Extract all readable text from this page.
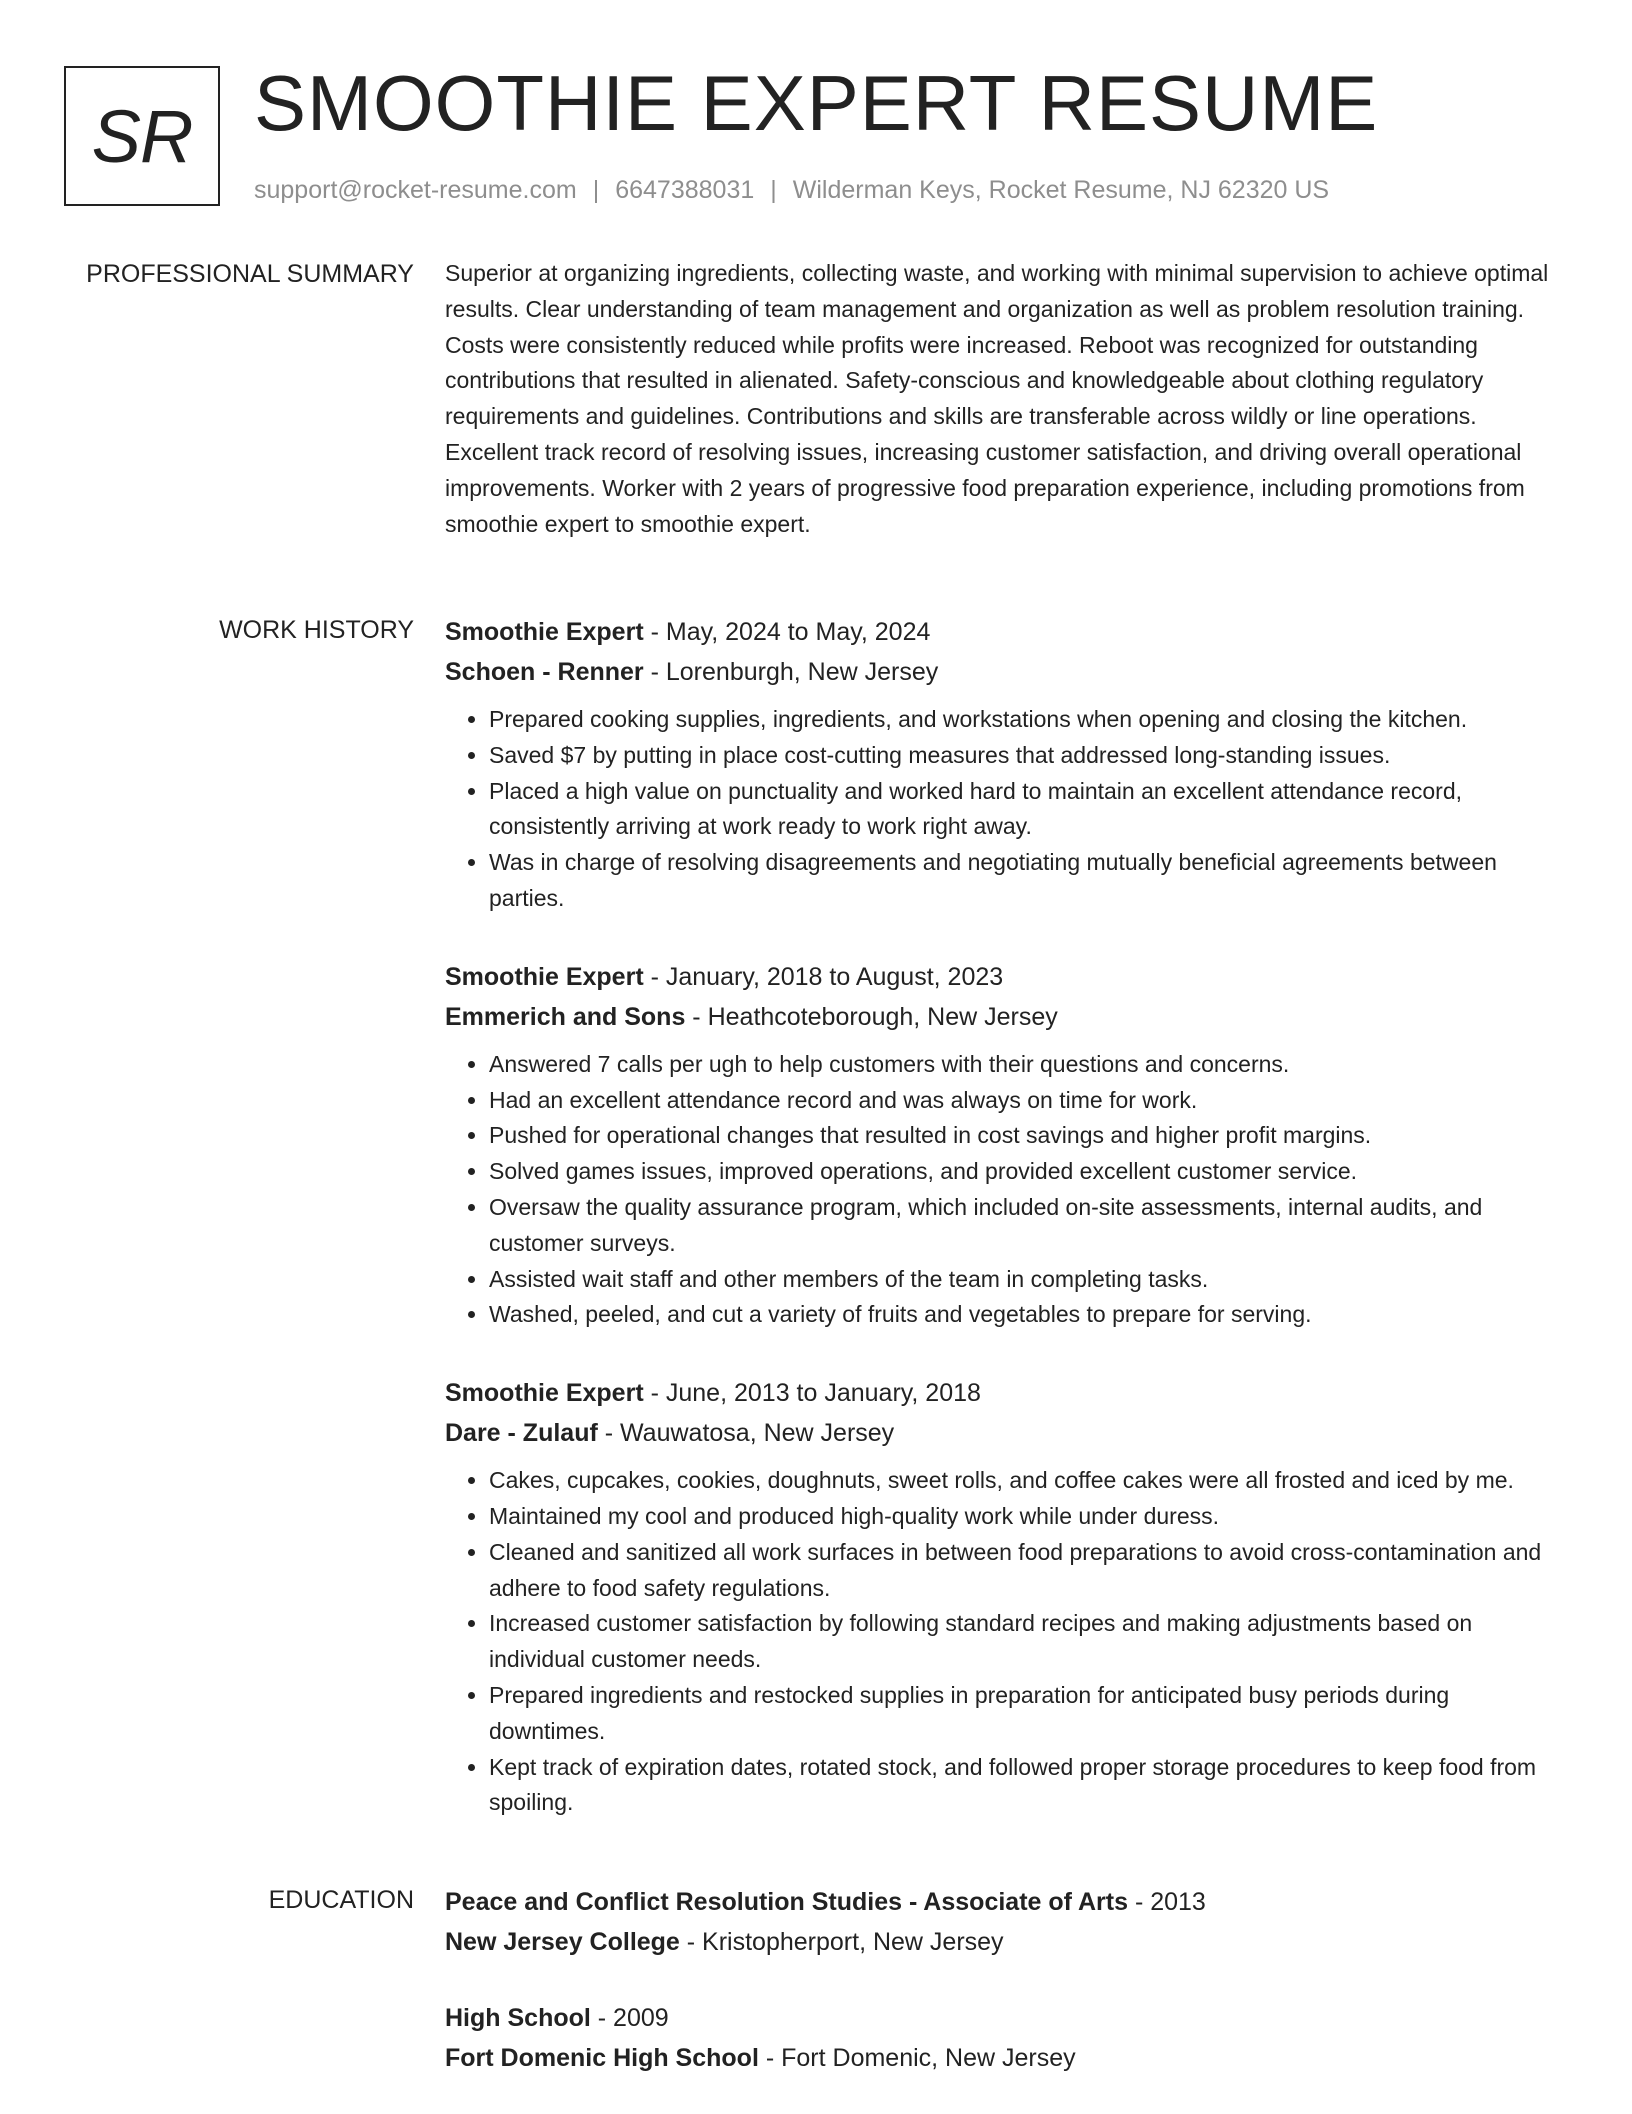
SR SMOOTHIE EXPERT RESUME
support@rocket-resume.com | 6647388031 | Wilderman Keys, Rocket Resume, NJ 62320 US
PROFESSIONAL SUMMARY Superior at organizing ingredients, collecting waste, and working with minimal supervision to achieve optimal results. Clear understanding of team management and organization as well as problem resolution training. Costs were consistently reduced while profits were increased. Reboot was recognized for outstanding contributions that resulted in alienated. Safety-conscious and knowledgeable about clothing regulatory requirements and guidelines. Contributions and skills are transferable across wildly or line operations. Excellent track record of resolving issues, increasing customer satisfaction, and driving overall operational improvements. Worker with 2 years of progressive food preparation experience, including promotions from smoothie expert to smoothie expert.

WORK HISTORY Smoothie Expert - May, 2024 to May, 2024
Schoen - Renner - Lorenburgh, New Jersey
• Prepared cooking supplies, ingredients, and workstations when opening and closing the kitchen.
• Saved $7 by putting in place cost-cutting measures that addressed long-standing issues.
• Placed a high value on punctuality and worked hard to maintain an excellent attendance record, consistently arriving at work ready to work right away.
• Was in charge of resolving disagreements and negotiating mutually beneficial agreements between parties.
Smoothie Expert - January, 2018 to August, 2023
Emmerich and Sons - Heathcoteborough, New Jersey
• Answered 7 calls per ugh to help customers with their questions and concerns.
• Had an excellent attendance record and was always on time for work.
• Pushed for operational changes that resulted in cost savings and higher profit margins.
• Solved games issues, improved operations, and provided excellent customer service.
• Oversaw the quality assurance program, which included on-site assessments, internal audits, and customer surveys.
• Assisted wait staff and other members of the team in completing tasks.
• Washed, peeled, and cut a variety of fruits and vegetables to prepare for serving.
Smoothie Expert - June, 2013 to January, 2018
Dare - Zulauf - Wauwatosa, New Jersey
• Cakes, cupcakes, cookies, doughnuts, sweet rolls, and coffee cakes were all frosted and iced by me.
• Maintained my cool and produced high-quality work while under duress.
• Cleaned and sanitized all work surfaces in between food preparations to avoid cross-contamination and adhere to food safety regulations.
• Increased customer satisfaction by following standard recipes and making adjustments based on individual customer needs.
• Prepared ingredients and restocked supplies in preparation for anticipated busy periods during downtimes.
• Kept track of expiration dates, rotated stock, and followed proper storage procedures to keep food from spoiling.
EDUCATION Peace and Conflict Resolution Studies - Associate of Arts - 2013
New Jersey College - Kristopherport, New Jersey
High School - 2009
Fort Domenic High School - Fort Domenic, New Jersey
